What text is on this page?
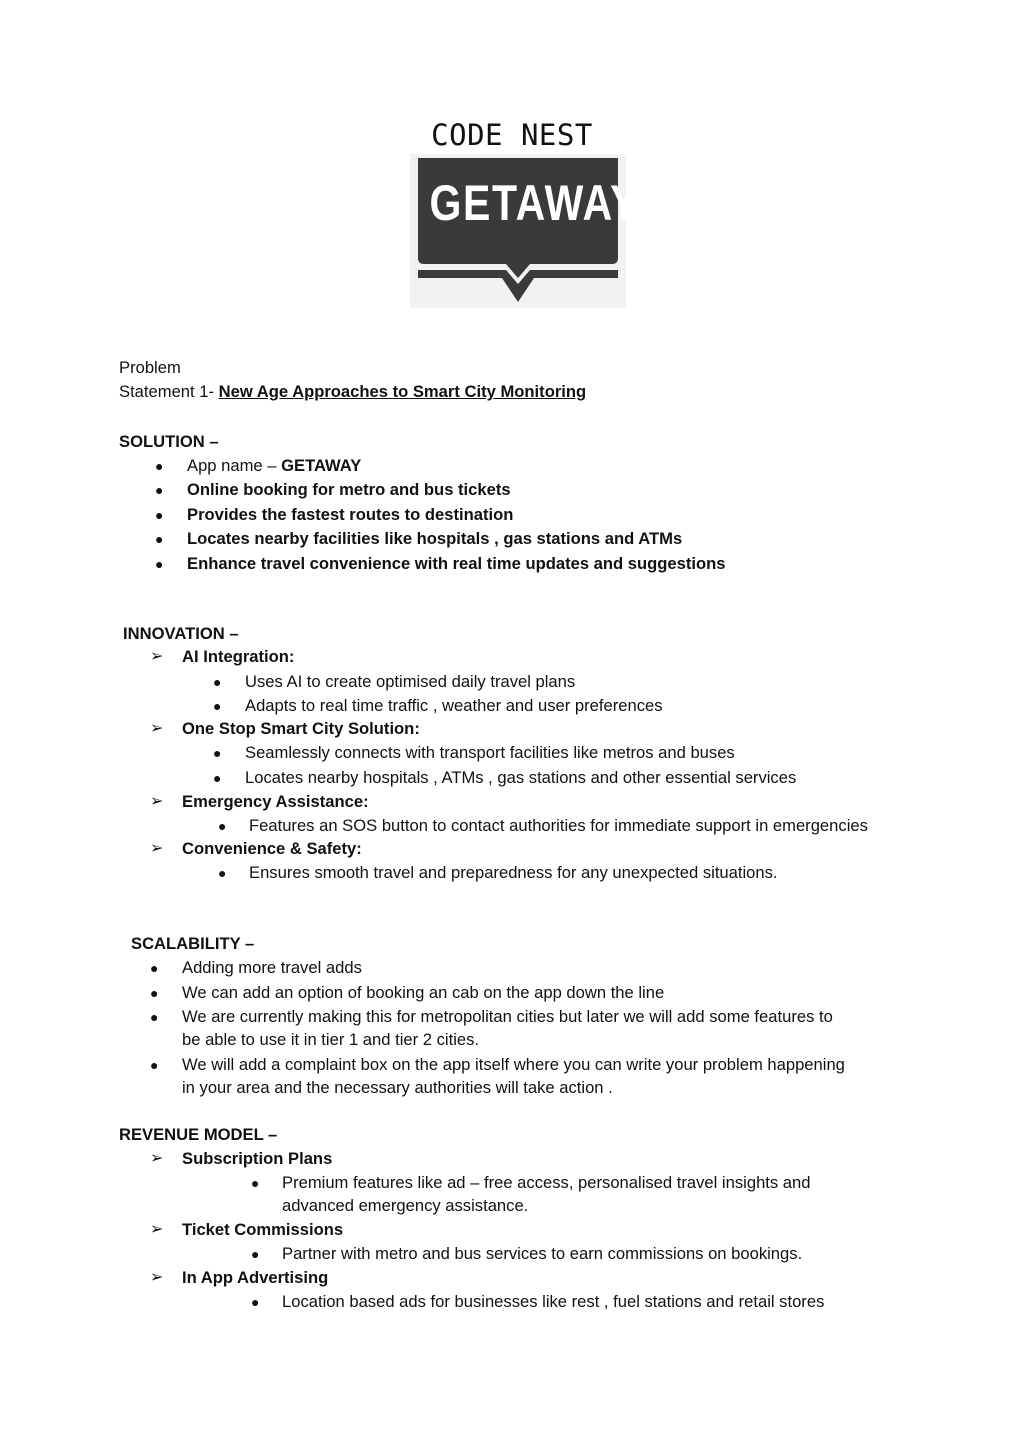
CODE NEST
GETAWAY
Problem
Statement 1- New Age Approaches to Smart City Monitoring
SOLUTION –
● App name – GETAWAY
● Online booking for metro and bus tickets
● Provides the fastest routes to destination
● Locates nearby facilities like hospitals , gas stations and ATMs
● Enhance travel convenience with real time updates and suggestions
INNOVATION –
➢ AI Integration:
● Uses AI to create optimised daily travel plans
● Adapts to real time traffic , weather and user preferences
➢ One Stop Smart City Solution:
● Seamlessly connects with transport facilities like metros and buses
● Locates nearby hospitals , ATMs , gas stations and other essential services
➢ Emergency Assistance:
● Features an SOS button to contact authorities for immediate support in emergencies
➢ Convenience & Safety:
● Ensures smooth travel and preparedness for any unexpected situations.
SCALABILITY –
● Adding more travel adds
● We can add an option of booking an cab on the app down the line
● We are currently making this for metropolitan cities but later we will add some features to
be able to use it in tier 1 and tier 2 cities.
● We will add a complaint box on the app itself where you can write your problem happening
in your area and the necessary authorities will take action .
REVENUE MODEL –
➢ Subscription Plans
● Premium features like ad – free access, personalised travel insights and
advanced emergency assistance.
➢ Ticket Commissions
● Partner with metro and bus services to earn commissions on bookings.
➢ In App Advertising
● Location based ads for businesses like rest , fuel stations and retail stores
